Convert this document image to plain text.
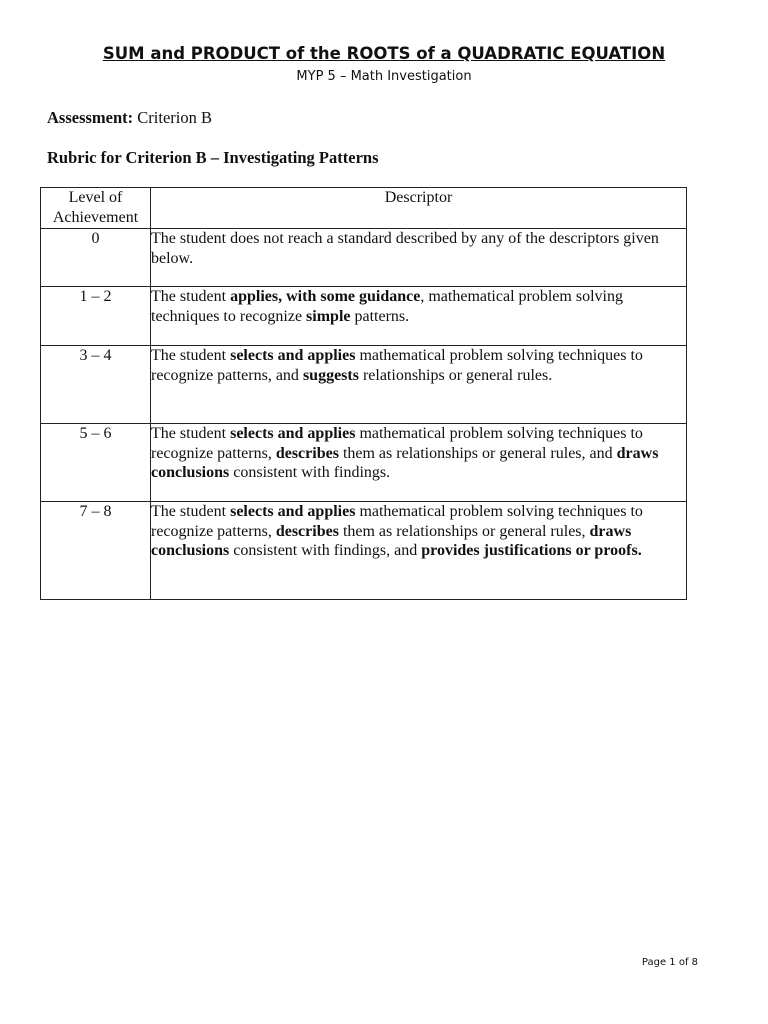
SUM and PRODUCT of the ROOTS of a QUADRATIC EQUATION
MYP 5 – Math Investigation
Assessment: Criterion B
Rubric for Criterion B – Investigating Patterns
Level of Achievement	Descriptor
0	The student does not reach a standard described by any of the descriptors given below.
1 – 2	The student applies, with some guidance, mathematical problem solving techniques to recognize simple patterns.
3 – 4	The student selects and applies mathematical problem solving techniques to recognize patterns, and suggests relationships or general rules.
5 – 6	The student selects and applies mathematical problem solving techniques to recognize patterns, describes them as relationships or general rules, and draws conclusions consistent with findings.
7 – 8	The student selects and applies mathematical problem solving techniques to recognize patterns, describes them as relationships or general rules, draws conclusions consistent with findings, and provides justifications or proofs.
Page 1 of 8
